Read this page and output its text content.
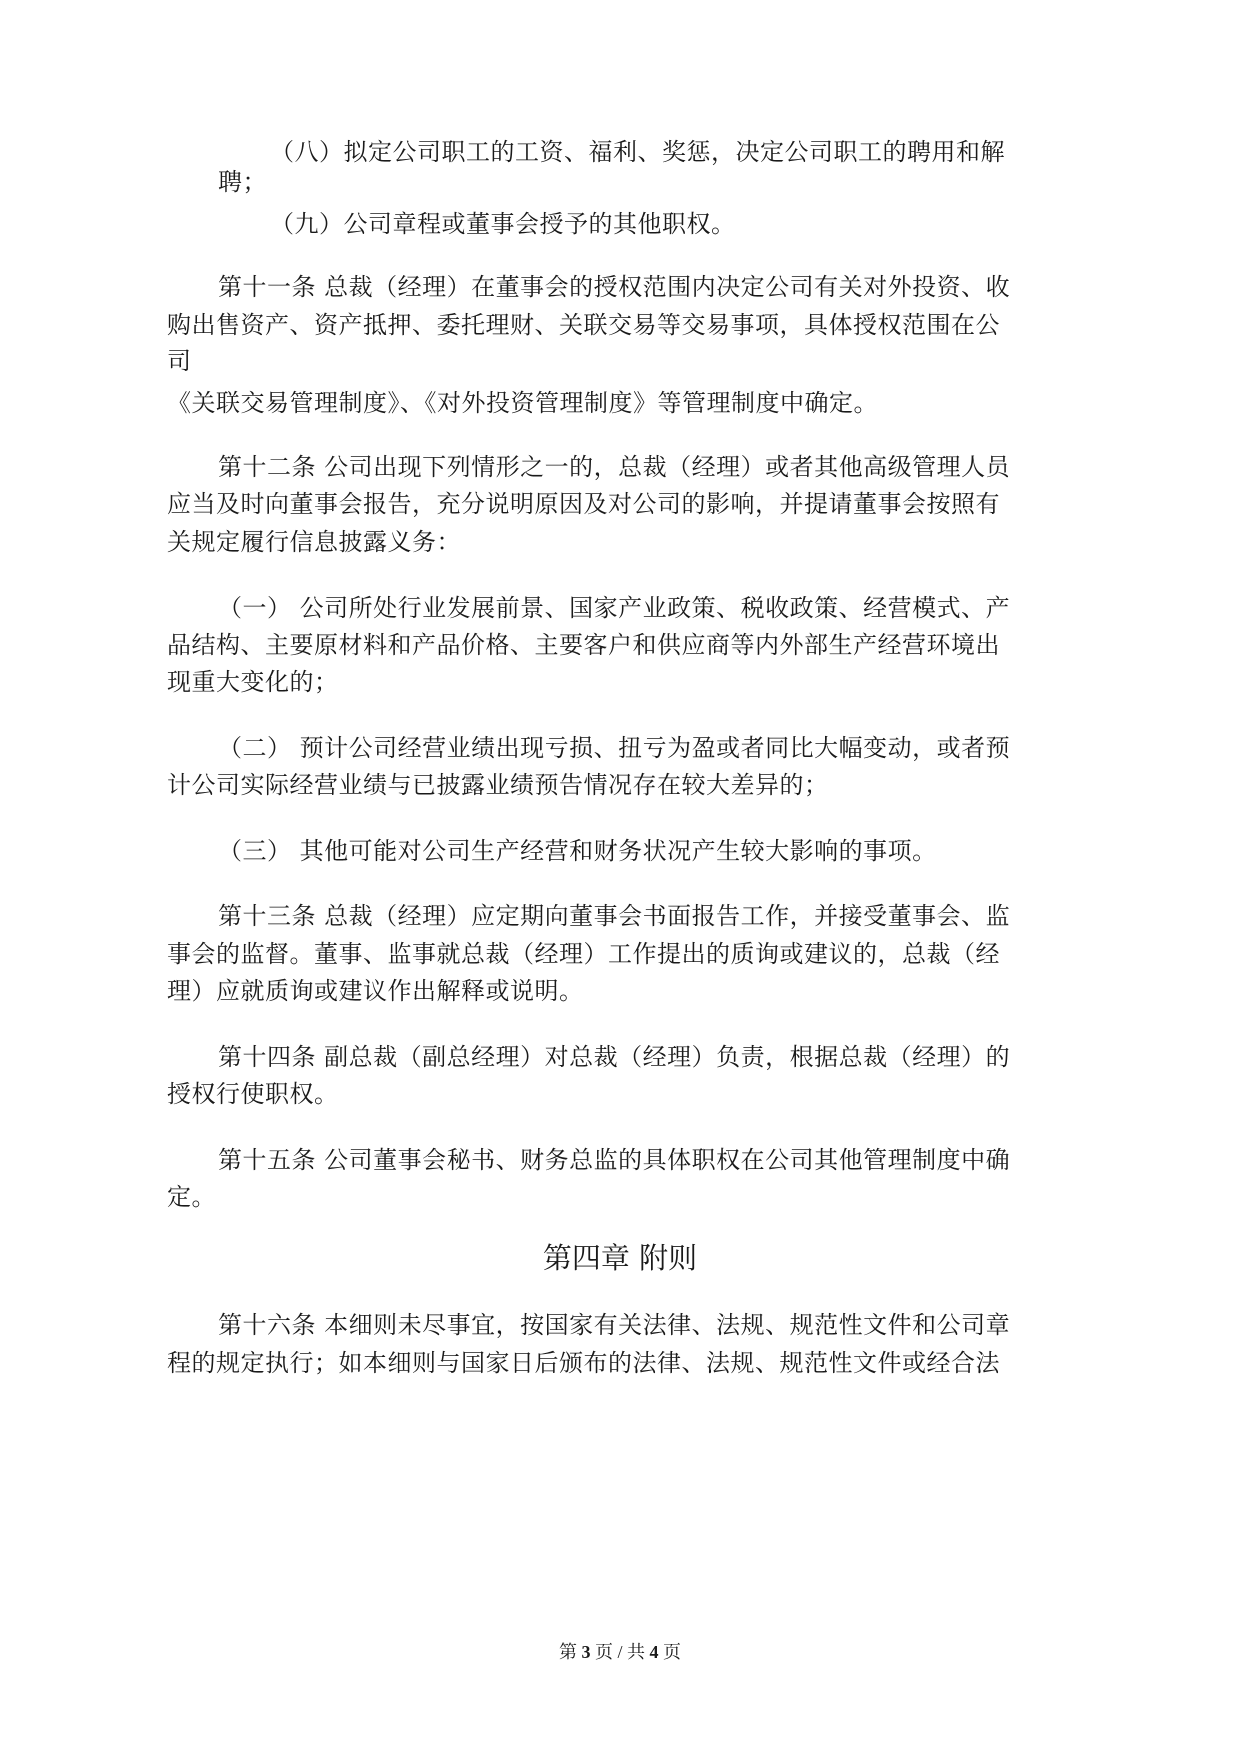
（八）拟定公司职工的工资、福利、奖惩，决定公司职工的聘用和解
聘；
（九）公司章程或董事会授予的其他职权。
第十一条 总裁（经理）在董事会的授权范围内决定公司有关对外投资、收
购出售资产、资产抵押、委托理财、关联交易等交易事项，具体授权范围在公
司
《关联交易管理制度》、《对外投资管理制度》等管理制度中确定。
第十二条 公司出现下列情形之一的，总裁（经理）或者其他高级管理人员
应当及时向董事会报告，充分说明原因及对公司的影响，并提请董事会按照有
关规定履行信息披露义务：
（一） 公司所处行业发展前景、国家产业政策、税收政策、经营模式、产
品结构、主要原材料和产品价格、主要客户和供应商等内外部生产经营环境出
现重大变化的；
（二） 预计公司经营业绩出现亏损、扭亏为盈或者同比大幅变动，或者预
计公司实际经营业绩与已披露业绩预告情况存在较大差异的；
（三） 其他可能对公司生产经营和财务状况产生较大影响的事项。
第十三条 总裁（经理）应定期向董事会书面报告工作，并接受董事会、监
事会的监督。董事、监事就总裁（经理）工作提出的质询或建议的，总裁（经
理）应就质询或建议作出解释或说明。
第十四条 副总裁（副总经理）对总裁（经理）负责，根据总裁（经理）的
授权行使职权。
第十五条 公司董事会秘书、财务总监的具体职权在公司其他管理制度中确
定。
第四章 附则
第十六条 本细则未尽事宜，按国家有关法律、法规、规范性文件和公司章
程的规定执行；如本细则与国家日后颁布的法律、法规、规范性文件或经合法
第 3 页 / 共 4 页
